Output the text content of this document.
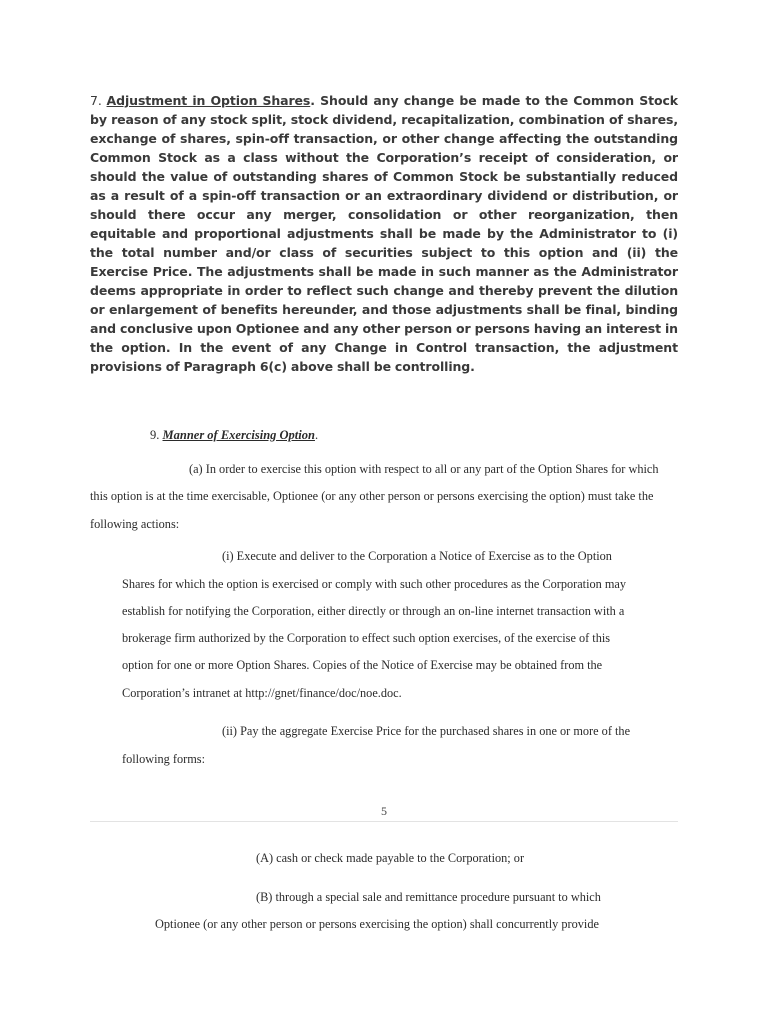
7. Adjustment in Option Shares. Should any change be made to the Common Stock by reason of any stock split, stock dividend, recapitalization, combination of shares, exchange of shares, spin-off transaction, or other change affecting the outstanding Common Stock as a class without the Corporation’s receipt of consideration, or should the value of outstanding shares of Common Stock be substantially reduced as a result of a spin-off transaction or an extraordinary dividend or distribution, or should there occur any merger, consolidation or other reorganization, then equitable and proportional adjustments shall be made by the Administrator to (i) the total number and/or class of securities subject to this option and (ii) the Exercise Price. The adjustments shall be made in such manner as the Administrator deems appropriate in order to reflect such change and thereby prevent the dilution or enlargement of benefits hereunder, and those adjustments shall be final, binding and conclusive upon Optionee and any other person or persons having an interest in the option. In the event of any Change in Control transaction, the adjustment provisions of Paragraph 6(c) above shall be controlling.
9. Manner of Exercising Option.
(a) In order to exercise this option with respect to all or any part of the Option Shares for which
this option is at the time exercisable, Optionee (or any other person or persons exercising the option) must take the
following actions:
(i) Execute and deliver to the Corporation a Notice of Exercise as to the Option
Shares for which the option is exercised or comply with such other procedures as the Corporation may
establish for notifying the Corporation, either directly or through an on-line internet transaction with a
brokerage firm authorized by the Corporation to effect such option exercises, of the exercise of this
option for one or more Option Shares. Copies of the Notice of Exercise may be obtained from the
Corporation’s intranet at http://gnet/finance/doc/noe.doc.
(ii) Pay the aggregate Exercise Price for the purchased shares in one or more of the
following forms:
5
(A) cash or check made payable to the Corporation; or
(B) through a special sale and remittance procedure pursuant to which
Optionee (or any other person or persons exercising the option) shall concurrently provide
